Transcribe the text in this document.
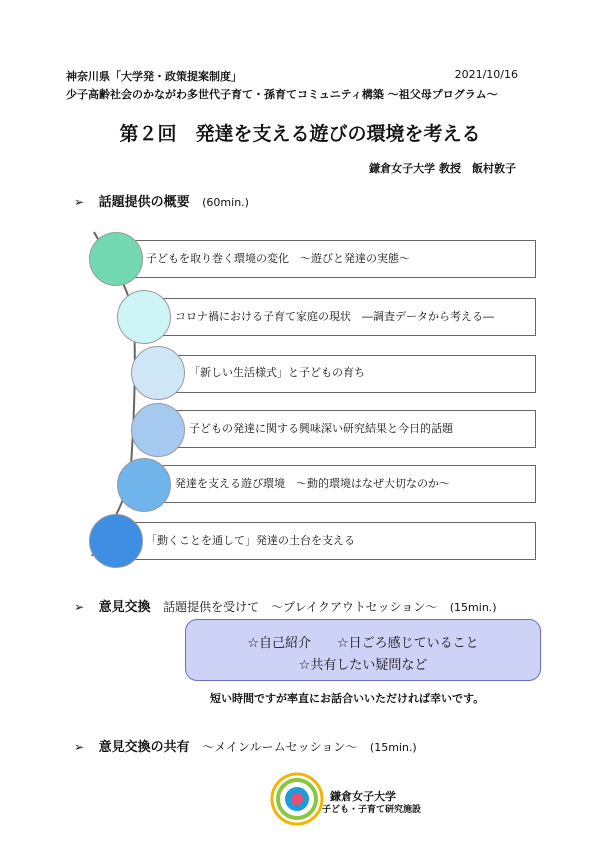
神奈川県「大学発・政策提案制度」	2021/10/16
少子高齢社会のかながわ多世代子育て・孫育てコミュニティ構築 ～祖父母プログラム～
第２回　発達を支える遊びの環境を考える
鎌倉女子大学 教授　飯村敦子
➢ 話題提供の概要 (60min.)
子どもを取り巻く環境の変化　～遊びと発達の実態～
コロナ禍における子育て家庭の現状　―調査データから考える―
「新しい生活様式」と子どもの育ち
子どもの発達に関する興味深い研究結果と今日的話題
発達を支える遊び環境　～動的環境はなぜ大切なのか～
「動くことを通して」発達の土台を支える
➢ 意見交換 話題提供を受けて　～ブレイクアウトセッション～ (15min.)
☆自己紹介　　☆日ごろ感じていること
☆共有したい疑問など
短い時間ですが率直にお話合いいただければ幸いです。
➢ 意見交換の共有 ～メインルームセッション～ (15min.)
鎌倉女子大学
子ども・子育て研究施設
